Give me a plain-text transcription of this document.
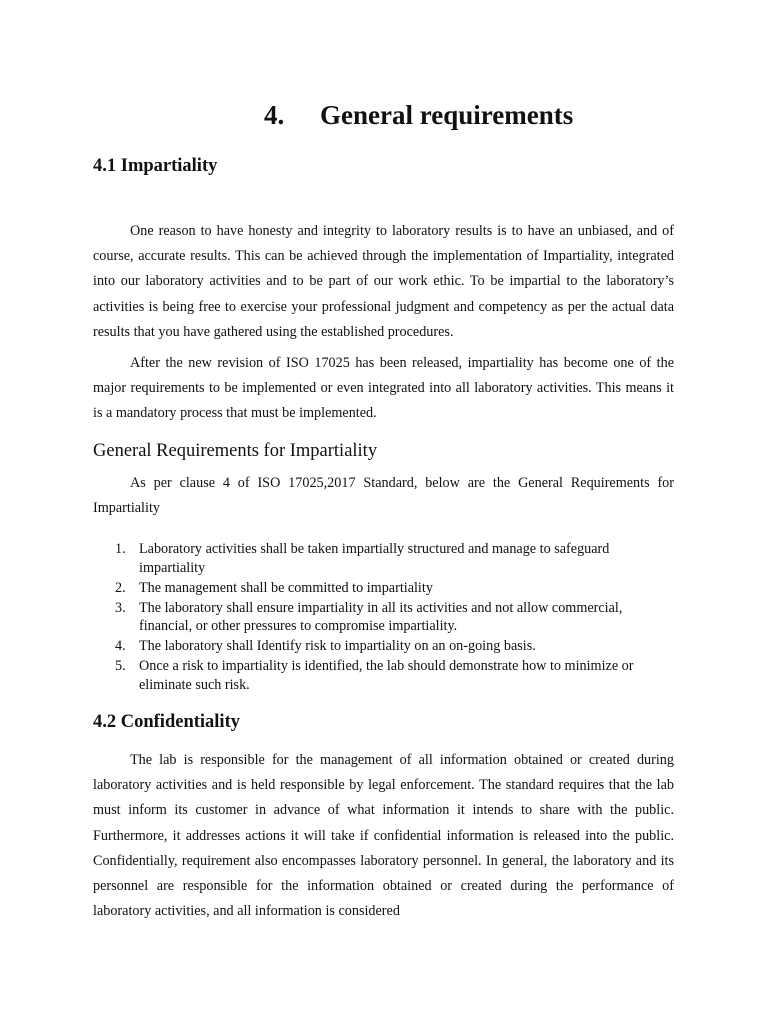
4. General requirements
4.1 Impartiality

One reason to have honesty and integrity to laboratory results is to have an unbiased, and of course, accurate results. This can be achieved through the implementation of Impartiality, integrated into our laboratory activities and to be part of our work ethic. To be impartial to the laboratory’s activities is being free to exercise your professional judgment and competency as per the actual data results that you have gathered using the established procedures.

After the new revision of ISO 17025 has been released, impartiality has become one of the major requirements to be implemented or even integrated into all laboratory activities. This means it is a mandatory process that must be implemented.

General Requirements for Impartiality

As per clause 4 of ISO 17025,2017 Standard, below are the General Requirements for Impartiality

1. Laboratory activities shall be taken impartially structured and manage to safeguard impartiality
2. The management shall be committed to impartiality
3. The laboratory shall ensure impartiality in all its activities and not allow commercial, financial, or other pressures to compromise impartiality.
4. The laboratory shall Identify risk to impartiality on an on-going basis.
5. Once a risk to impartiality is identified, the lab should demonstrate how to minimize or eliminate such risk.
4.2 Confidentiality

The lab is responsible for the management of all information obtained or created during laboratory activities and is held responsible by legal enforcement. The standard requires that the lab must inform its customer in advance of what information it intends to share with the public. Furthermore, it addresses actions it will take if confidential information is released into the public. Confidentially, requirement also encompasses laboratory personnel. In general, the laboratory and its personnel are responsible for the information obtained or created during the performance of laboratory activities, and all information is considered
